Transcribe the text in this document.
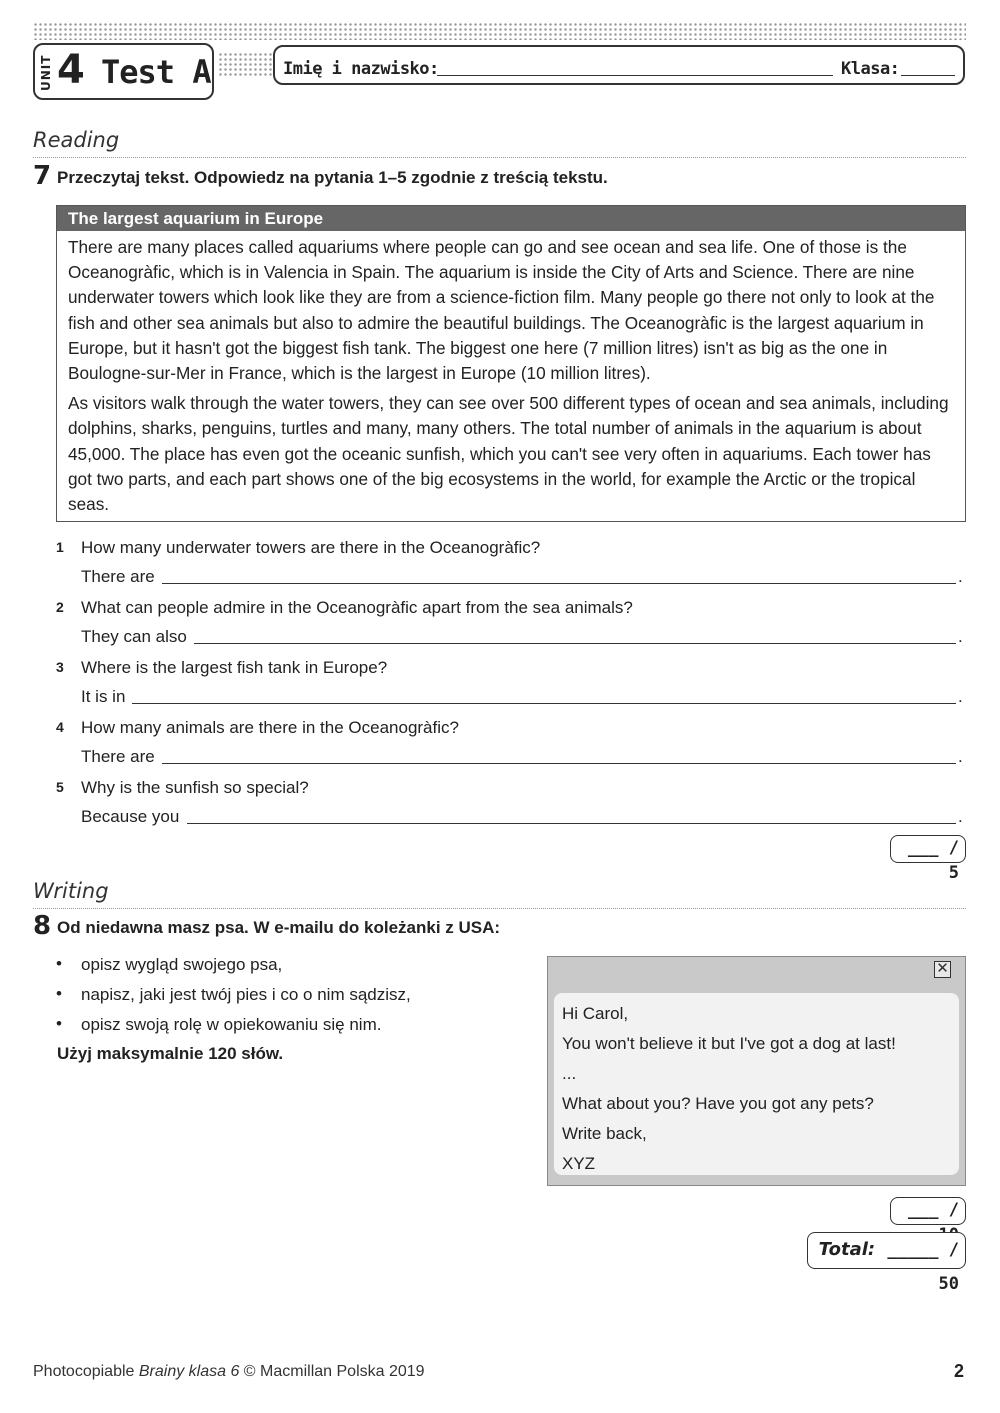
UNIT 4 Test A	Imię i nazwisko:	Klasa:
Reading
7 Przeczytaj tekst. Odpowiedz na pytania 1–5 zgodnie z treścią tekstu.
The largest aquarium in Europe

There are many places called aquariums where people can go and see ocean and sea life. One of those is the Oceanogràfic, which is in Valencia in Spain. The aquarium is inside the City of Arts and Science. There are nine underwater towers which look like they are from a science-fiction film. Many people go there not only to look at the fish and other sea animals but also to admire the beautiful buildings. The Oceanogràfic is the largest aquarium in Europe, but it hasn't got the biggest fish tank. The biggest one here (7 million litres) isn't as big as the one in Boulogne-sur-Mer in France, which is the largest in Europe (10 million litres).

As visitors walk through the water towers, they can see over 500 different types of ocean and sea animals, including dolphins, sharks, penguins, turtles and many, many others. The total number of animals in the aquarium is about 45,000. The place has even got the oceanic sunfish, which you can't see very often in aquariums. Each tower has got two parts, and each part shows one of the big ecosystems in the world, for example the Arctic or the tropical seas.

1 How many underwater towers are there in the Oceanogràfic?
There are	.
2 What can people admire in the Oceanogràfic apart from the sea animals?
They can also	.
3 Where is the largest fish tank in Europe?
It is in	.
4 How many animals are there in the Oceanogràfic?
There are	.
5 Why is the sunfish so special?
Because you	.
___ / 5
Writing
8 Od niedawna masz psa. W e-mailu do koleżanki z USA:
• opisz wygląd swojego psa,
• napisz, jaki jest twój pies i co o nim sądzisz,
• opisz swoją rolę w opiekowaniu się nim.
Użyj maksymalnie 120 słów.
✕
Hi Carol,
You won't believe it but I've got a dog at last!
...
What about you? Have you got any pets?
Write back,
XYZ
___ /
Total: _____ / 50
Photocopiable Brainy klasa 6 © Macmillan Polska 2019	2
